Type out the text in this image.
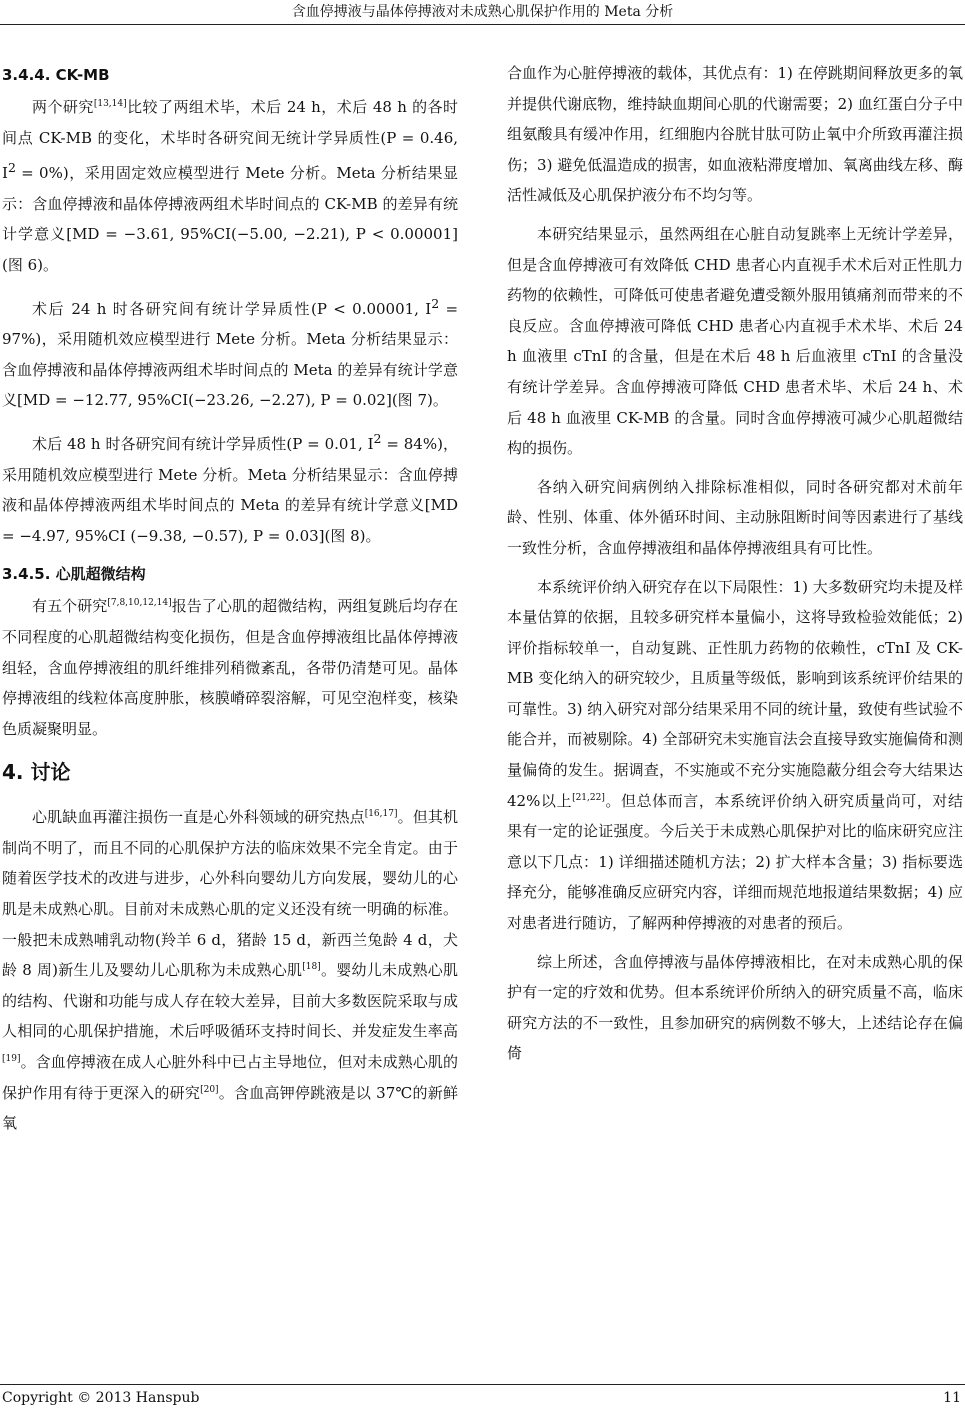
含血停搏液与晶体停搏液对未成熟心肌保护作用的 Meta 分析
3.4.4. CK-MB

两个研究[13,14]比较了两组术毕，术后 24 h，术后 48 h 的各时间点 CK-MB 的变化，术毕时各研究间无统计学异质性(P = 0.46, $I^2 = 0\%$)，采用固定效应模型进行 Mete 分析。Meta 分析结果显示：含血停搏液和晶体停搏液两组术毕时间点的 CK-MB 的差异有统计学意义[MD = −3.61, 95%CI(−5.00, −2.21), P < 0.00001](图 6)。

术后 24 h 时各研究间有统计学异质性(P < 0.00001, $I^2 = 97\%$)，采用随机效应模型进行 Mete 分析。Meta 分析结果显示：含血停搏液和晶体停搏液两组术毕时间点的 Meta 的差异有统计学意义[MD = −12.77, 95%CI(−23.26, −2.27), P = 0.02](图 7)。

术后 48 h 时各研究间有统计学异质性(P = 0.01, $I^2 = 84\%$)，采用随机效应模型进行 Mete 分析。Meta 分析结果显示：含血停搏液和晶体停搏液两组术毕时间点的 Meta 的差异有统计学意义[MD = −4.97, 95%CI (−9.38, −0.57), P = 0.03](图 8)。

3.4.5. 心肌超微结构

有五个研究[7,8,10,12,14]报告了心肌的超微结构，两组复跳后均存在不同程度的心肌超微结构变化损伤，但是含血停搏液组比晶体停搏液组轻，含血停搏液组的肌纤维排列稍微紊乱，各带仍清楚可见。晶体停搏液组的线粒体高度肿胀，核膜嵴碎裂溶解，可见空泡样变，核染色质凝聚明显。

4. 讨论

心肌缺血再灌注损伤一直是心外科领域的研究热点[16,17]。但其机制尚不明了，而且不同的心肌保护方法的临床效果不完全肯定。由于随着医学技术的改进与进步，心外科向婴幼儿方向发展，婴幼儿的心肌是未成熟心肌。目前对未成熟心肌的定义还没有统一明确的标准。一般把未成熟哺乳动物(羚羊 6 d，猪龄 15 d，新西兰兔龄 4 d，犬龄 8 周)新生儿及婴幼儿心肌称为未成熟心肌[18]。婴幼儿未成熟心肌的结构、代谢和功能与成人存在较大差异，目前大多数医院采取与成人相同的心肌保护措施，术后呼吸循环支持时间长、并发症发生率高[19]。含血停搏液在成人心脏外科中已占主导地位，但对未成熟心肌的保护作用有待于更深入的研究[20]。含血高钾停跳液是以 37℃的新鲜氧

合血作为心脏停搏液的载体，其优点有：1) 在停跳期间释放更多的氧并提供代谢底物，维持缺血期间心肌的代谢需要；2) 血红蛋白分子中组氨酸具有缓冲作用，红细胞内谷胱甘肽可防止氧中介所致再灌注损伤；3) 避免低温造成的损害，如血液粘滞度增加、氧离曲线左移、酶活性减低及心肌保护液分布不均匀等。

本研究结果显示，虽然两组在心脏自动复跳率上无统计学差异，但是含血停搏液可有效降低 CHD 患者心内直视手术术后对正性肌力药物的依赖性，可降低可使患者避免遭受额外服用镇痛剂而带来的不良反应。含血停搏液可降低 CHD 患者心内直视手术术毕、术后 24 h 血液里 cTnI 的含量，但是在术后 48 h 后血液里 cTnI 的含量没有统计学差异。含血停搏液可降低 CHD 患者术毕、术后 24 h、术后 48 h 血液里 CK-MB 的含量。同时含血停搏液可减少心肌超微结构的损伤。

各纳入研究间病例纳入排除标准相似，同时各研究都对术前年龄、性别、体重、体外循环时间、主动脉阻断时间等因素进行了基线一致性分析，含血停搏液组和晶体停搏液组具有可比性。

本系统评价纳入研究存在以下局限性：1) 大多数研究均未提及样本量估算的依据，且较多研究样本量偏小，这将导致检验效能低；2) 评价指标较单一，自动复跳、正性肌力药物的依赖性，cTnI 及 CK-MB 变化纳入的研究较少，且质量等级低，影响到该系统评价结果的可靠性。3) 纳入研究对部分结果采用不同的统计量，致使有些试验不能合并，而被剔除。4) 全部研究未实施盲法会直接导致实施偏倚和测量偏倚的发生。据调查，不实施或不充分实施隐蔽分组会夸大结果达 42%以上[21,22]。但总体而言，本系统评价纳入研究质量尚可，对结果有一定的论证强度。今后关于未成熟心肌保护对比的临床研究应注意以下几点：1) 详细描述随机方法；2) 扩大样本含量；3) 指标要选择充分，能够准确反应研究内容，详细而规范地报道结果数据；4) 应对患者进行随访，了解两种停搏液的对患者的预后。

综上所述，含血停搏液与晶体停搏液相比，在对未成熟心肌的保护有一定的疗效和优势。但本系统评价所纳入的研究质量不高，临床研究方法的不一致性，且参加研究的病例数不够大，上述结论存在偏倚

Copyright © 2013 Hanspub	11
